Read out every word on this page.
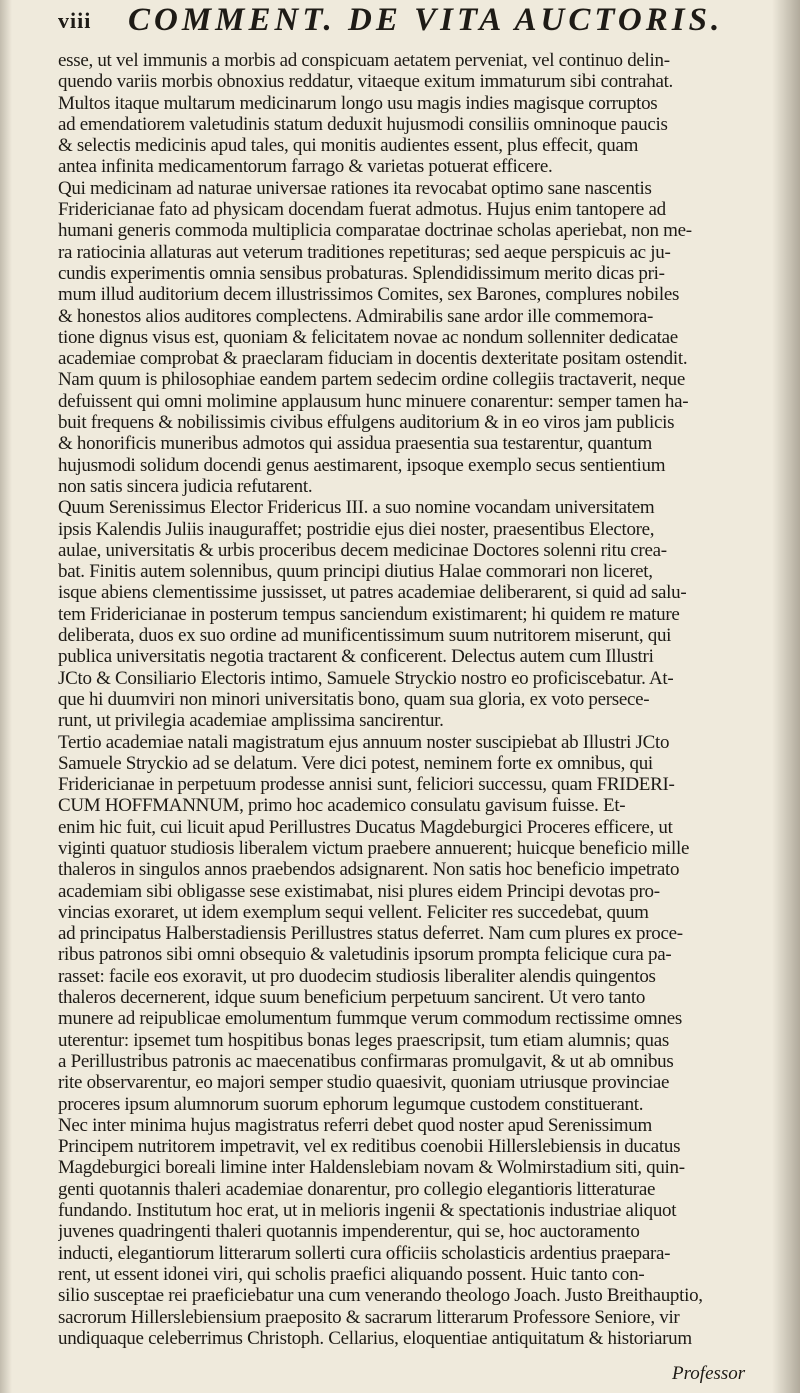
viii COMMENT. DE VITA AUCTORIS.
esse, ut vel immunis a morbis ad conspicuam aetatem perveniat, vel continuo delin-
quendo variis morbis obnoxius reddatur, vitaeque exitum immaturum sibi contrahat.
Multos itaque multarum medicinarum longo usu magis indies magisque corruptos
ad emendatiorem valetudinis statum deduxit hujusmodi consiliis omninoque paucis
& selectis medicinis apud tales, qui monitis audientes essent, plus effecit, quam
antea infinita medicamentorum farrago & varietas potuerat efficere.
Qui medicinam ad naturae universae rationes ita revocabat optimo sane nascentis
Fridericianae fato ad physicam docendam fuerat admotus. Hujus enim tantopere ad
humani generis commoda multiplicia comparatae doctrinae scholas aperiebat, non me-
ra ratiocinia allaturas aut veterum traditiones repetituras; sed aeque perspicuis ac ju-
cundis experimentis omnia sensibus probaturas. Splendidissimum merito dicas pri-
mum illud auditorium decem illustrissimos Comites, sex Barones, complures nobiles
& honestos alios auditores complectens. Admirabilis sane ardor ille commemora-
tione dignus visus est, quoniam & felicitatem novae ac nondum sollenniter dedicatae
academiae comprobat & praeclaram fiduciam in docentis dexteritate positam ostendit.
Nam quum is philosophiae eandem partem sedecim ordine collegiis tractaverit, neque
defuissent qui omni molimine applausum hunc minuere conarentur: semper tamen ha-
buit frequens & nobilissimis civibus effulgens auditorium & in eo viros jam publicis
& honorificis muneribus admotos qui assidua praesentia sua testarentur, quantum
hujusmodi solidum docendi genus aestimarent, ipsoque exemplo secus sentientium
non satis sincera judicia refutarent.
Quum Serenissimus Elector Fridericus III. a suo nomine vocandam universitatem
ipsis Kalendis Juliis inauguraffet; postridie ejus diei noster, praesentibus Electore,
aulae, universitatis & urbis proceribus decem medicinae Doctores solenni ritu crea-
bat. Finitis autem solennibus, quum principi diutius Halae commorari non liceret,
isque abiens clementissime jussisset, ut patres academiae deliberarent, si quid ad salu-
tem Fridericianae in posterum tempus sanciendum existimarent; hi quidem re mature
deliberata, duos ex suo ordine ad munificentissimum suum nutritorem miserunt, qui
publica universitatis negotia tractarent & conficerent. Delectus autem cum Illustri
JCto & Consiliario Electoris intimo, Samuele Stryckio nostro eo proficiscebatur. At-
que hi duumviri non minori universitatis bono, quam sua gloria, ex voto persece-
runt, ut privilegia academiae amplissima sancirentur.
Tertio academiae natali magistratum ejus annuum noster suscipiebat ab Illustri JCto
Samuele Stryckio ad se delatum. Vere dici potest, neminem forte ex omnibus, qui
Fridericianae in perpetuum prodesse annisi sunt, feliciori successu, quam FRIDERI-
CUM HOFFMANNUM, primo hoc academico consulatu gavisum fuisse. Et-
enim hic fuit, cui licuit apud Perillustres Ducatus Magdeburgici Proceres efficere, ut
viginti quatuor studiosis liberalem victum praebere annuerent; huicque beneficio mille
thaleros in singulos annos praebendos adsignarent. Non satis hoc beneficio impetrato
academiam sibi obligasse sese existimabat, nisi plures eidem Principi devotas pro-
vincias exoraret, ut idem exemplum sequi vellent. Feliciter res succedebat, quum
ad principatus Halberstadiensis Perillustres status deferret. Nam cum plures ex proce-
ribus patronos sibi omni obsequio & valetudinis ipsorum prompta felicique cura pa-
rasset: facile eos exoravit, ut pro duodecim studiosis liberaliter alendis quingentos
thaleros decernerent, idque suum beneficium perpetuum sancirent. Ut vero tanto
munere ad reipublicae emolumentum fummque verum commodum rectissime omnes
uterentur: ipsemet tum hospitibus bonas leges praescripsit, tum etiam alumnis; quas
a Perillustribus patronis ac maecenatibus confirmaras promulgavit, & ut ab omnibus
rite observarentur, eo majori semper studio quaesivit, quoniam utriusque provinciae
proceres ipsum alumnorum suorum ephorum legumque custodem constituerant.
Nec inter minima hujus magistratus referri debet quod noster apud Serenissimum
Principem nutritorem impetravit, vel ex reditibus coenobii Hillerslebiensis in ducatus
Magdeburgici boreali limine inter Haldenslebiam novam & Wolmirstadium siti, quin-
genti quotannis thaleri academiae donarentur, pro collegio elegantioris litteraturae
fundando. Institutum hoc erat, ut in melioris ingenii & spectationis industriae aliquot
juvenes quadringenti thaleri quotannis impenderentur, qui se, hoc auctoramento
inducti, elegantiorum litterarum sollerti cura officiis scholasticis ardentius praepara-
rent, ut essent idonei viri, qui scholis praefici aliquando possent. Huic tanto con-
silio susceptae rei praeficiebatur una cum venerando theologo Joach. Justo Breithauptio,
sacrorum Hillerslebiensium praeposito & sacrarum litterarum Professore Seniore, vir
undiquaque celeberrimus Christoph. Cellarius, eloquentiae antiquitatum & historiarum
Professor
